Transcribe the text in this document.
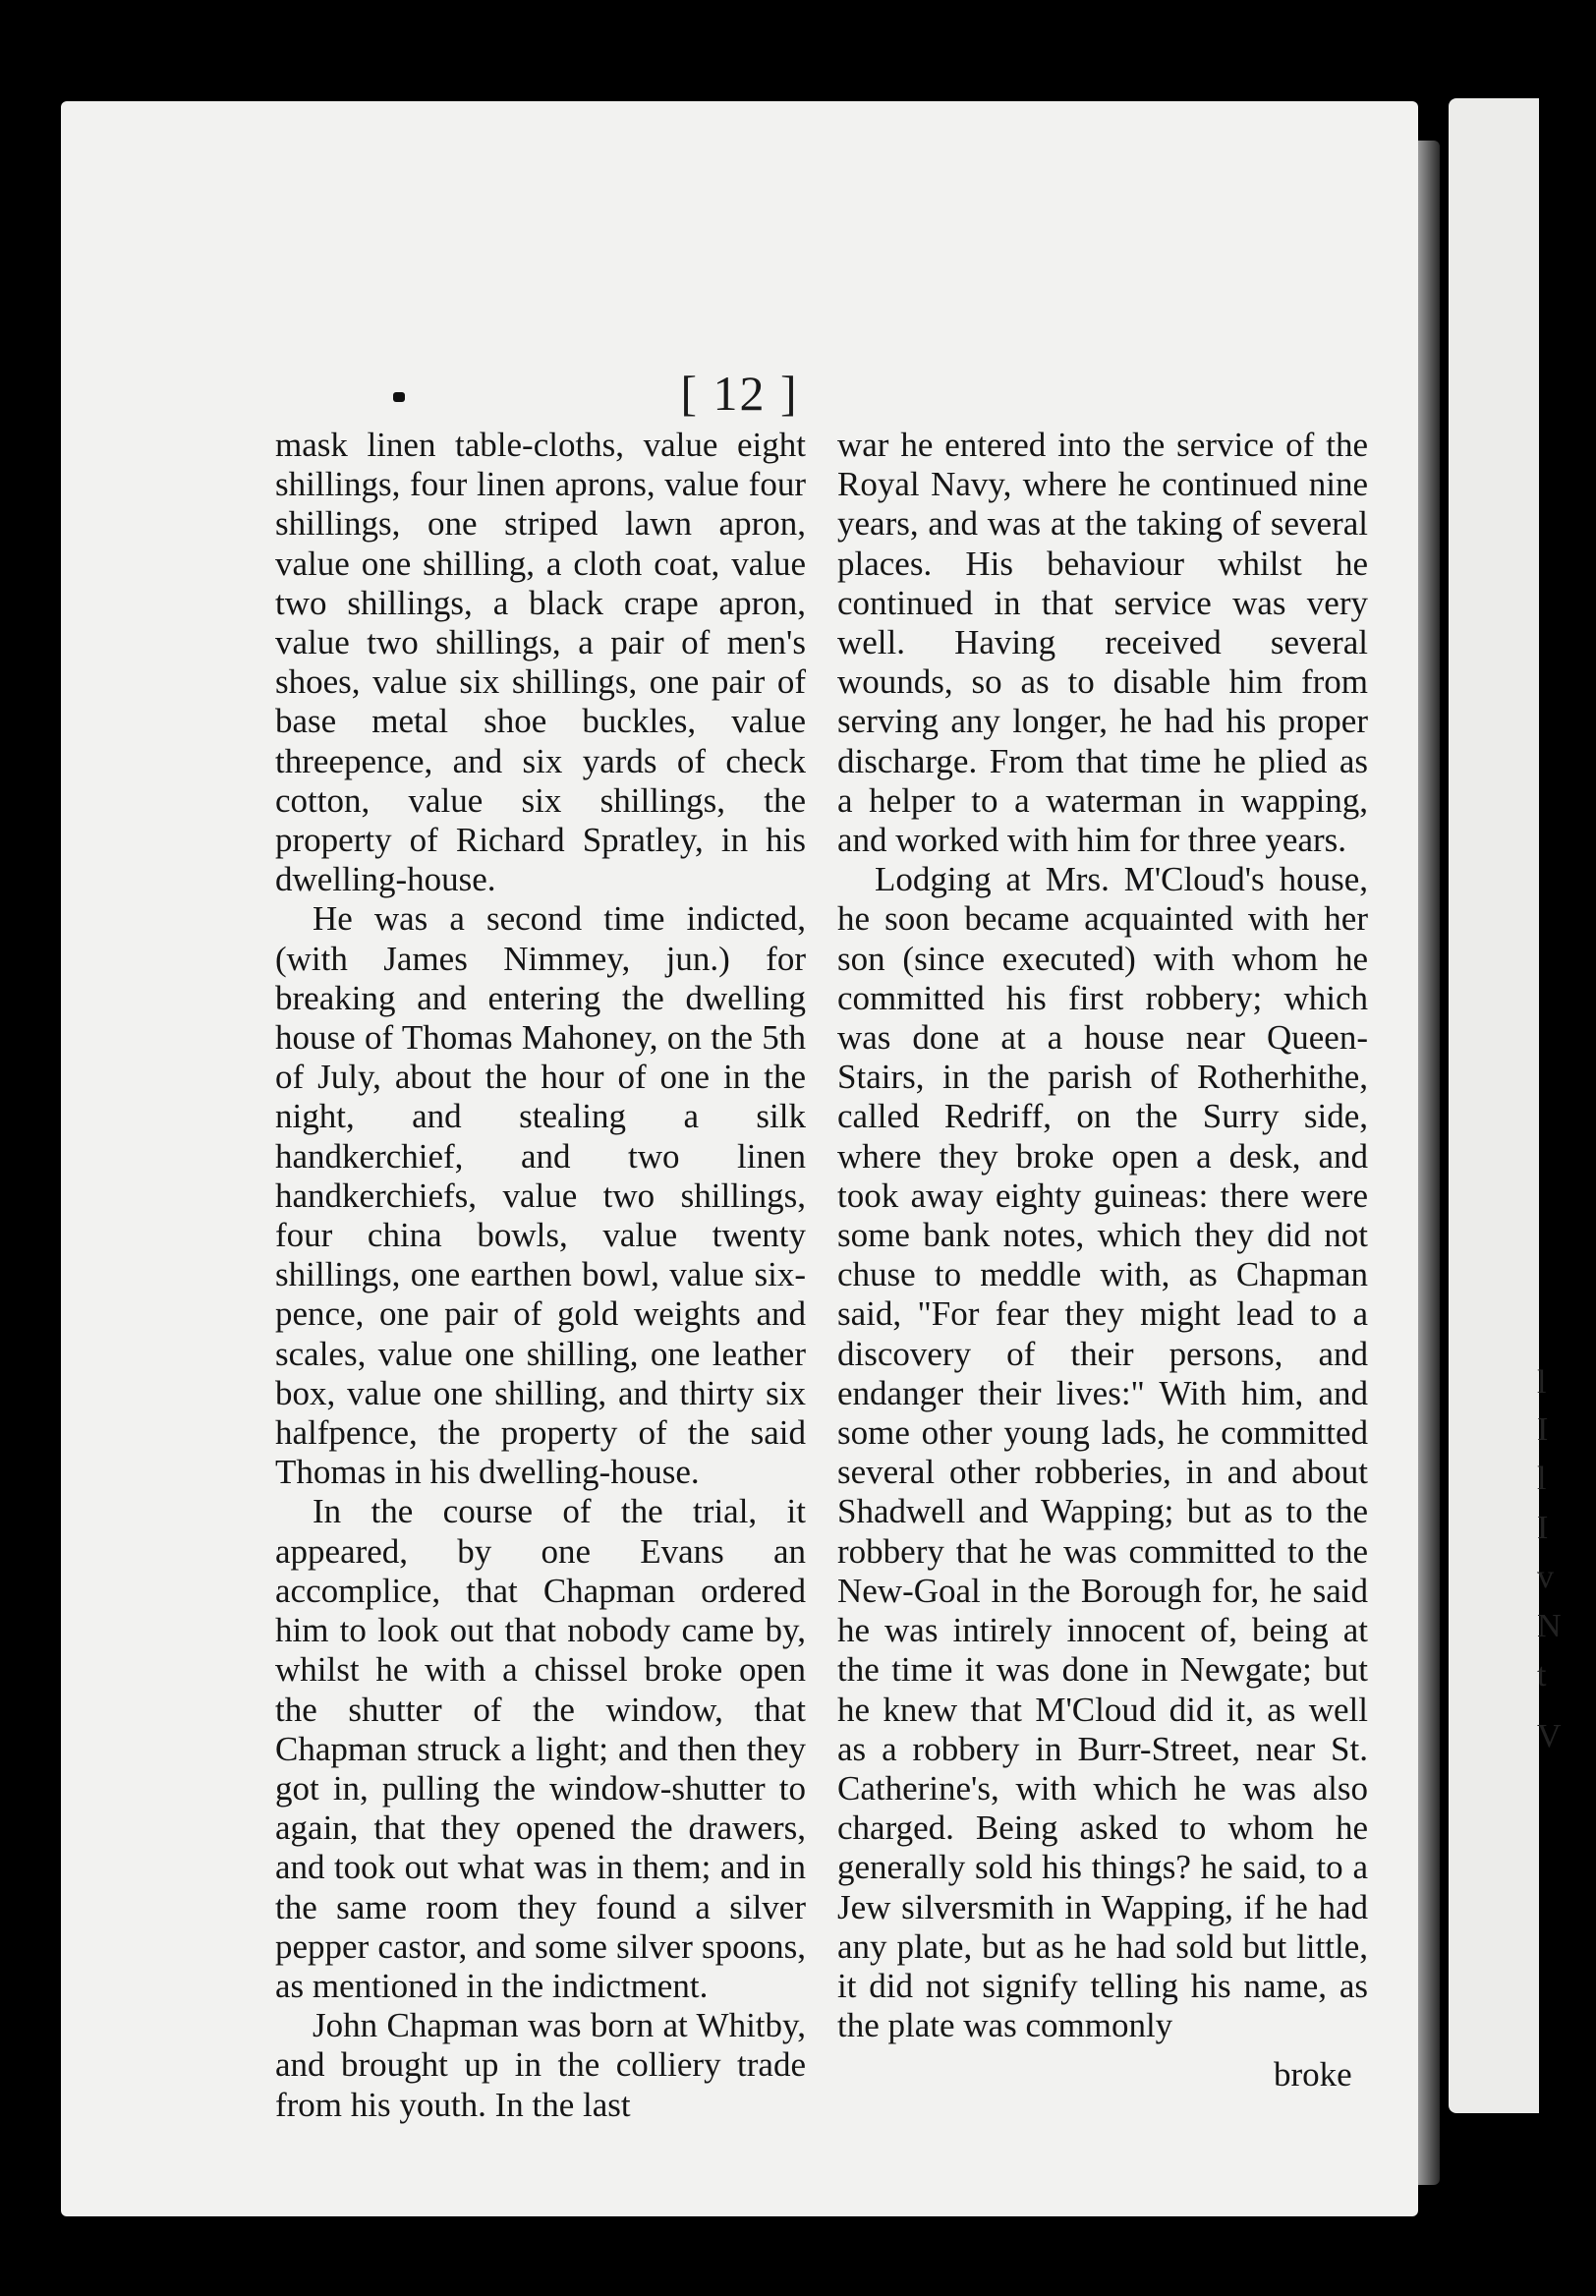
[ 12 ]

mask linen table-cloths, value eight shillings, four linen aprons, value four shillings, one striped lawn apron, value one shilling, a cloth coat, value two shillings, a black crape apron, value two shillings, a pair of men's shoes, value six shillings, one pair of base metal shoe buckles, value threepence, and six yards of check cotton, value six shillings, the property of Richard Spratley, in his dwelling-house.

He was a second time indicted, (with James Nimmey, jun.) for breaking and entering the dwelling house of Thomas Mahoney, on the 5th of July, about the hour of one in the night, and stealing a silk handkerchief, and two linen handkerchiefs, value two shillings, four china bowls, value twenty shillings, one earthen bowl, value six-pence, one pair of gold weights and scales, value one shilling, one leather box, value one shilling, and thirty six halfpence, the property of the said Thomas in his dwelling-house.

In the course of the trial, it appeared, by one Evans an accomplice, that Chapman ordered him to look out that nobody came by, whilst he with a chissel broke open the shutter of the window, that Chapman struck a light; and then they got in, pulling the window-shutter to again, that they opened the drawers, and took out what was in them; and in the same room they found a silver pepper castor, and some silver spoons, as mentioned in the indictment.

John Chapman was born at Whitby, and brought up in the colliery trade from his youth. In the last

war he entered into the service of the Royal Navy, where he continued nine years, and was at the taking of several places. His behaviour whilst he continued in that service was very well. Having received several wounds, so as to disable him from serving any longer, he had his proper discharge. From that time he plied as a helper to a waterman in wapping, and worked with him for three years.

Lodging at Mrs. M'Cloud's house, he soon became acquainted with her son (since executed) with whom he committed his first robbery; which was done at a house near Queen-Stairs, in the parish of Rotherhithe, called Redriff, on the Surry side, where they broke open a desk, and took away eighty guineas: there were some bank notes, which they did not chuse to meddle with, as Chapman said, "For fear they might lead to a discovery of their persons, and endanger their lives:" With him, and some other young lads, he committed several other robberies, in and about Shadwell and Wapping; but as to the robbery that he was committed to the New-Goal in the Borough for, he said he was intirely innocent of, being at the time it was done in Newgate; but he knew that M'Cloud did it, as well as a robbery in Burr-Street, near St. Catherine's, with which he was also charged. Being asked to whom he generally sold his things? he said, to a Jew silversmith in Wapping, if he had any plate, but as he had sold but little, it did not signify telling his name, as the plate was commonly

broke
l
I
l
I
v
N
t
V
